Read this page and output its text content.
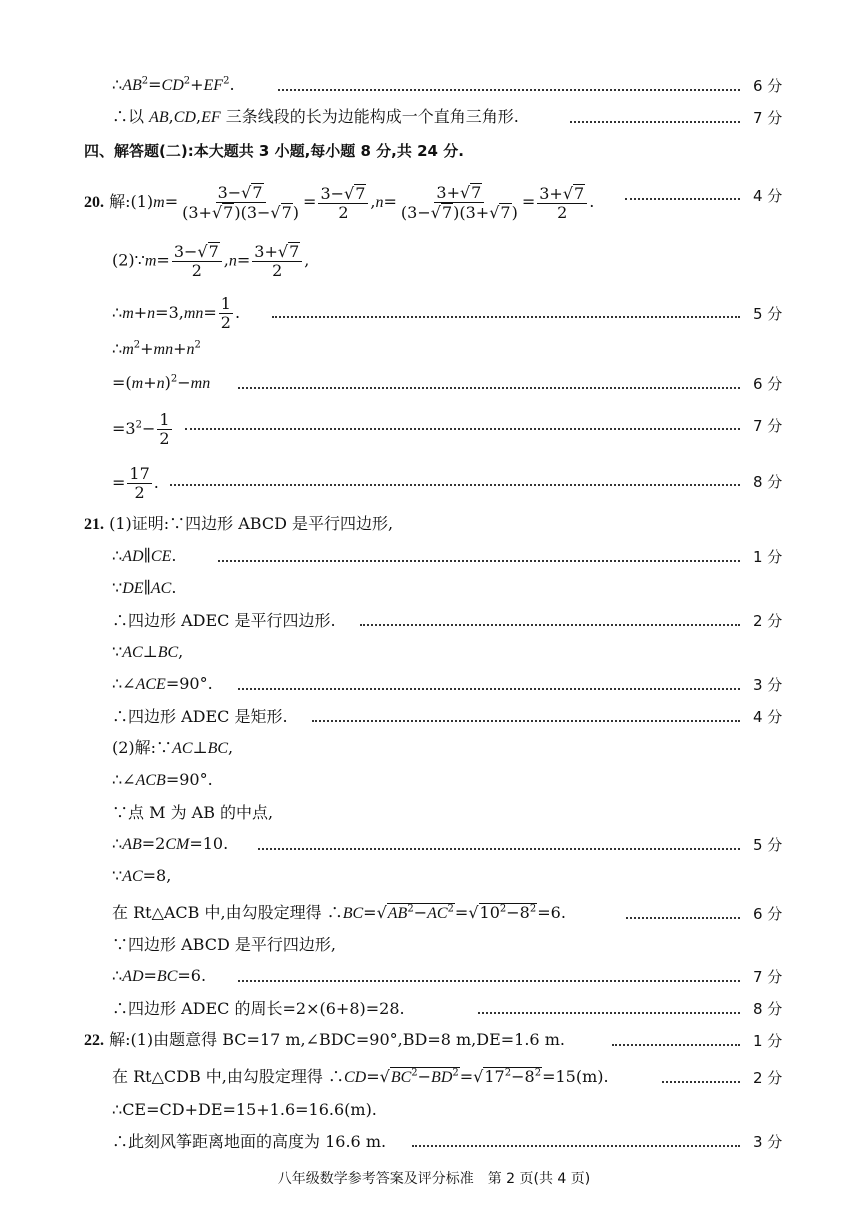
$\therefore AB^2=CD^2+EF^2$.	6 分
∴以 AB,CD,EF 三条线段的长为边能构成一个直角三角形.	7 分
四、解答题(二):本大题共 3 小题,每小题 8 分,共 24 分.
20. 解:(1)m= $\frac{3-√7}{(3+√7)(3-√7)} = \frac{3-√7}{2} ,n= \frac{3+√7}{(3-√7)(3+√7)} = \frac{3+√7}{2}$ .	4 分
(2)∵m= $\frac{3-√7}{2} ,n= \frac{3+√7}{2}$ ,
∴m+n=3,mn= $\frac{1}{2}$ .	5 分
$\therefore m^2+mn+n^2$
$=(m+n)^2-mn$	6 分
$=3^2- \frac{1}{2}$	7 分
= $\frac{17}{2}$ .	8 分
21. (1)证明:∵四边形 ABCD 是平行四边形,
∴AD∥CE.	1 分
∵DE∥AC.
∴四边形 ADEC 是平行四边形.	2 分
∵AC⊥BC,
∴∠ACE=90°.	3 分
∴四边形 ADEC 是矩形.	4 分
(2)解:∵AC⊥BC,
∴∠ACB=90°.
∵点 M 为 AB 的中点,
∴AB=2CM=10.	5 分
∵AC=8,
在 Rt△ACB 中,由勾股定理得 $\therefore BC=√AB^2-AC^2=√10^2-8^2=6$.	6 分
∵四边形 ABCD 是平行四边形,
∴AD=BC=6.	7 分
∴四边形 ADEC 的周长=2×(6+8)=28.	8 分
22. 解:(1)由题意得 BC=17 m,∠BDC=90°,BD=8 m,DE=1.6 m.	1 分
在 Rt△CDB 中,由勾股定理得 $\therefore CD=√BC^2-BD^2=√17^2-8^2=15(m)$.	2 分
∴CE=CD+DE=15+1.6=16.6(m).
∴此刻风筝距离地面的高度为 16.6 m.	3 分
八年级数学参考答案及评分标准　第 2 页(共 4 页)
